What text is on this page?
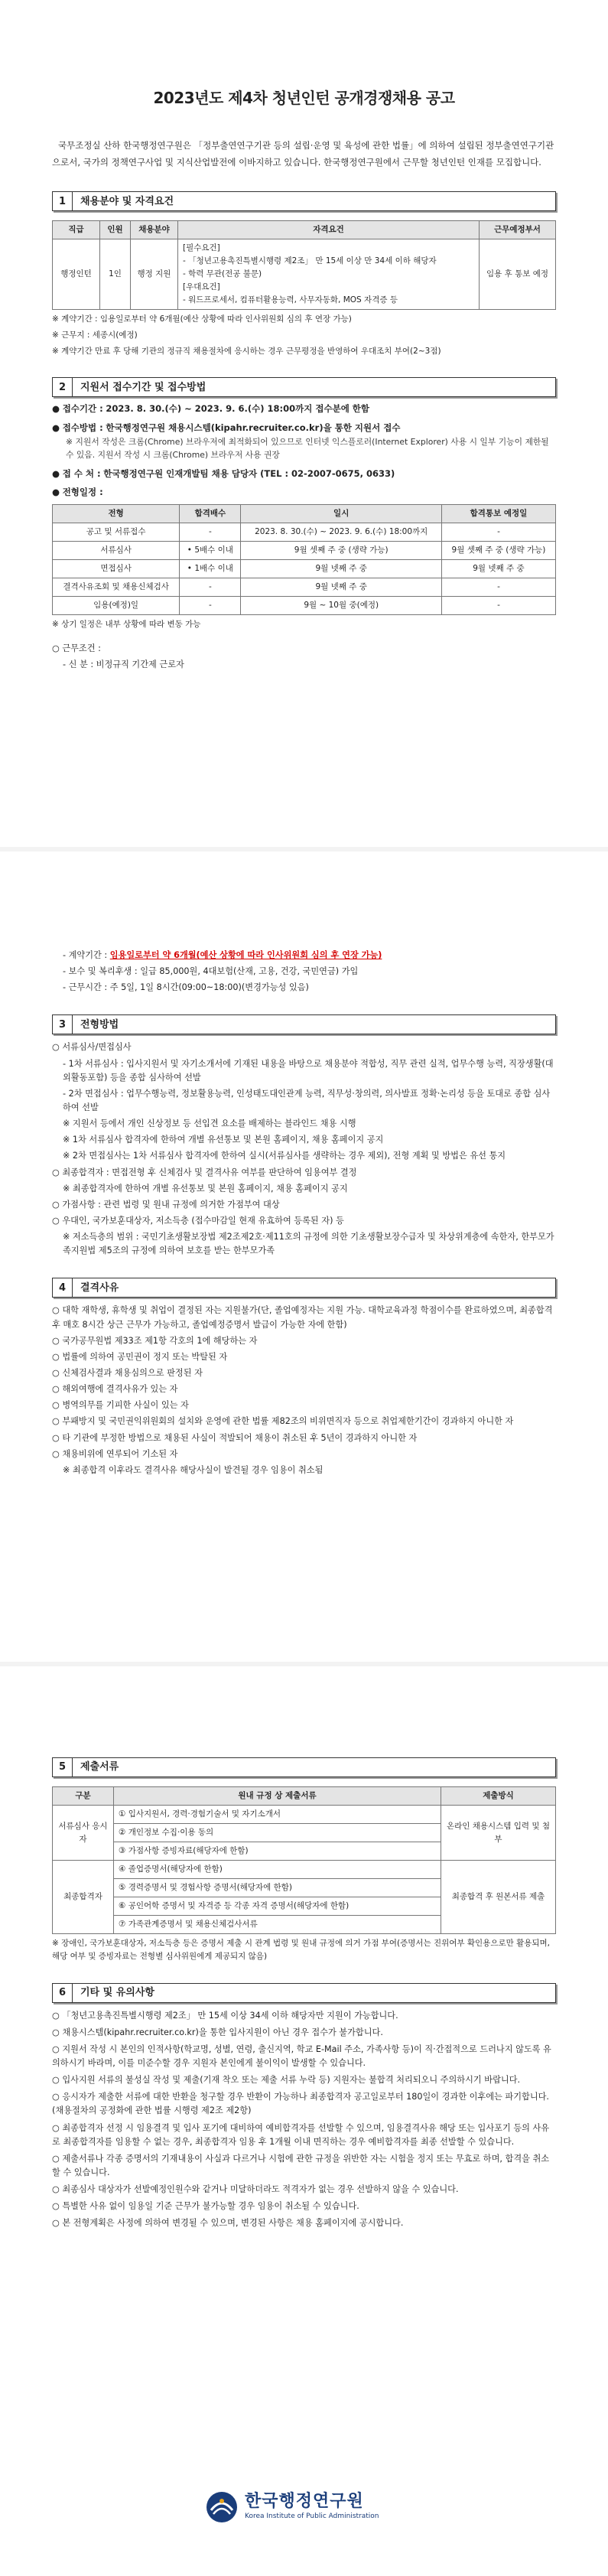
2023년도 제4차 청년인턴 공개경쟁채용 공고

국무조정실 산하 한국행정연구원은 「정부출연연구기관 등의 설립·운영 및 육성에 관한 법률」에 의하여 설립된 정부출연연구기관으로서, 국가의 정책연구사업 및 지식산업발전에 이바지하고 있습니다. 한국행정연구원에서 근무할 청년인턴 인재를 모집합니다.

1	채용분야 및 자격요건
직급	인원	채용분야	자격요건	근무예정부서
행정인턴	1인	행정 지원	[필수요건]
- 「청년고용촉진특별시행령 제2조」 만 15세 이상 만 34세 이하 해당자
- 학력 무관(전공 불문)
[우대요건]
- 워드프로세서, 컴퓨터활용능력, 사무자동화, MOS 자격증 등	임용 후 통보 예정
※ 계약기간 : 임용일로부터 약 6개월(예산 상황에 따라 인사위원회 심의 후 연장 가능)
※ 근무지 : 세종시(예정)
※ 계약기간 만료 후 당해 기관의 정규직 채용절차에 응시하는 경우 근무평정을 반영하여 우대조치 부여(2~3점)
2	지원서 접수기간 및 접수방법
● 접수기간 : 2023. 8. 30.(수) ~ 2023. 9. 6.(수) 18:00까지 접수분에 한함
● 접수방법 : 한국행정연구원 채용시스템(kipahr.recruiter.co.kr)을 통한 지원서 접수
※ 지원서 작성은 크롬(Chrome) 브라우저에 최적화되어 있으므로 인터넷 익스플로러(Internet Explorer) 사용 시 일부 기능이 제한될 수 있음. 지원서 작성 시 크롬(Chrome) 브라우저 사용 권장
● 접 수 처 : 한국행정연구원 인재개발팀 채용 담당자 (TEL : 02-2007-0675, 0633)
● 전형일정 :
전형	합격배수	일시	합격통보 예정일
공고 및 서류접수	-	2023. 8. 30.(수) ~ 2023. 9. 6.(수) 18:00까지	-
서류심사	• 5배수 이내	9월 셋째 주 중 (생략 가능)	9월 셋째 주 중 (생략 가능)
면접심사	• 1배수 이내	9월 넷째 주 중	9월 넷째 주 중
결격사유조회 및 채용신체검사	-	9월 넷째 주 중	-
임용(예정)일	-	9월 ~ 10월 중(예정)	-
※ 상기 일정은 내부 상황에 따라 변동 가능
○ 근무조건 :
- 신 분 : 비정규직 기간제 근로자
- 계약기간 : 임용일로부터 약 6개월(예산 상황에 따라 인사위원회 심의 후 연장 가능)
- 보수 및 복리후생 : 일급 85,000원, 4대보험(산재, 고용, 건강, 국민연금) 가입
- 근무시간 : 주 5일, 1일 8시간(09:00~18:00)(변경가능성 있음)
3	전형방법
○ 서류심사/면접심사
- 1차 서류심사 : 입사지원서 및 자기소개서에 기재된 내용을 바탕으로 채용분야 적합성, 직무 관련 실적, 업무수행 능력, 직장생활(대외활동포함) 등을 종합 심사하여 선발
- 2차 면접심사 : 업무수행능력, 정보활용능력, 인성태도대인관계 능력, 직무성·창의력, 의사발표 정확·논리성 등을 토대로 종합 심사하여 선발
※ 지원서 등에서 개인 신상정보 등 선입견 요소를 배제하는 블라인드 채용 시행
※ 1차 서류심사 합격자에 한하여 개별 유선통보 및 본원 홈페이지, 채용 홈페이지 공지
※ 2차 면접심사는 1차 서류심사 합격자에 한하여 실시(서류심사를 생략하는 경우 제외), 전형 계획 및 방법은 유선 통지
○ 최종합격자 : 면접전형 후 신체검사 및 결격사유 여부를 판단하여 임용여부 결정
※ 최종합격자에 한하여 개별 유선통보 및 본원 홈페이지, 채용 홈페이지 공지
○ 가점사항 : 관련 법령 및 원내 규정에 의거한 가점부여 대상
○ 우대인, 국가보훈대상자, 저소득층 (접수마감일 현재 유효하여 등록된 자) 등
※ 저소득층의 범위 : 국민기초생활보장법 제2조제2호·제11호의 규정에 의한 기초생활보장수급자 및 차상위계층에 속한자, 한부모가족지원법 제5조의 규정에 의하여 보호를 받는 한부모가족
4	결격사유
○ 대학 재학생, 휴학생 및 취업이 결정된 자는 지원불가(단, 졸업예정자는 지원 가능. 대학교육과정 학점이수를 완료하였으며, 최종합격 후 매호 8시간 상근 근무가 가능하고, 졸업예정증명서 발급이 가능한 자에 한함)
○ 국가공무원법 제33조 제1항 각호의 1에 해당하는 자
○ 법률에 의하여 공민권이 정지 또는 박탈된 자
○ 신체검사결과 채용심의으로 판정된 자
○ 해외여행에 결격사유가 있는 자
○ 병역의무를 기피한 사실이 있는 자
○ 부패방지 및 국민권익위원회의 설치와 운영에 관한 법률 제82조의 비위면직자 등으로 취업제한기간이 경과하지 아니한 자
○ 타 기관에 부정한 방법으로 채용된 사실이 적발되어 채용이 취소된 후 5년이 경과하지 아니한 자
○ 채용비위에 연루되어 기소된 자
※ 최종합격 이후라도 결격사유 해당사실이 발견될 경우 임용이 취소됨
5	제출서류
구분	원내 규정 상 제출서류	제출방식
서류심사 응시자	① 입사지원서, 경력·경험기술서 및 자기소개서	온라인 채용시스템 입력 및 첨부
	② 개인정보 수집·이용 동의	
	③ 가점사항 증빙자료(해당자에 한함)	
최종합격자	④ 졸업증명서(해당자에 한함)	최종합격 후 원본서류 제출
	⑤ 경력증명서 및 경험사항 증명서(해당자에 한함)	
	⑥ 공인어학 증명서 및 자격증 등 각종 자격 증명서(해당자에 한함)	
	⑦ 가족관계증명서 및 채용신체검사서류	
※ 장애인, 국가보훈대상자, 저소득층 등은 증명서 제출 시 관계 법령 및 원내 규정에 의거 가점 부여(증명서는 진위여부 확인용으로만 활용되며, 해당 여부 및 증빙자료는 전형별 심사위원에게 제공되지 않음)
6	기타 및 유의사항
○ 「청년고용촉진특별시행령 제2조」 만 15세 이상 34세 이하 해당자만 지원이 가능합니다.
○ 채용시스템(kipahr.recruiter.co.kr)을 통한 입사지원이 아닌 경우 접수가 불가합니다.
○ 지원서 작성 시 본인의 인적사항(학교명, 성별, 연령, 출신지역, 학교 E-Mail 주소, 가족사항 등)이 직·간접적으로 드러나지 않도록 유의하시기 바라며, 이를 미준수할 경우 지원자 본인에게 불이익이 발생할 수 있습니다.
○ 입사지원 서류의 불성실 작성 및 제출(기재 착오 또는 제출 서류 누락 등) 지원자는 불합격 처리되오니 주의하시기 바랍니다.
○ 응시자가 제출한 서류에 대한 반환을 청구할 경우 반환이 가능하나 최종합격자 공고일로부터 180일이 경과한 이후에는 파기합니다.(채용절차의 공정화에 관한 법률 시행령 제2조 제2항)
○ 최종합격자 선정 시 임용결격 및 입사 포기에 대비하여 예비합격자를 선발할 수 있으며, 임용결격사유 해당 또는 입사포기 등의 사유로 최종합격자를 임용할 수 없는 경우, 최종합격자 임용 후 1개월 이내 면직하는 경우 예비합격자를 최종 선발할 수 있습니다.
○ 제출서류나 각종 증명서의 기재내용이 사실과 다르거나 시험에 관한 규정을 위반한 자는 시험을 정지 또는 무효로 하며, 합격을 취소할 수 있습니다.
○ 최종심사 대상자가 선발예정인원수와 같거나 미달하더라도 적격자가 없는 경우 선발하지 않을 수 있습니다.
○ 특별한 사유 없이 임용일 기준 근무가 불가능할 경우 임용이 취소될 수 있습니다.
○ 본 전형계획은 사정에 의하여 변경될 수 있으며, 변경된 사항은 채용 홈페이지에 공시합니다.
한국행정연구원
Korea Institute of Public Administration
